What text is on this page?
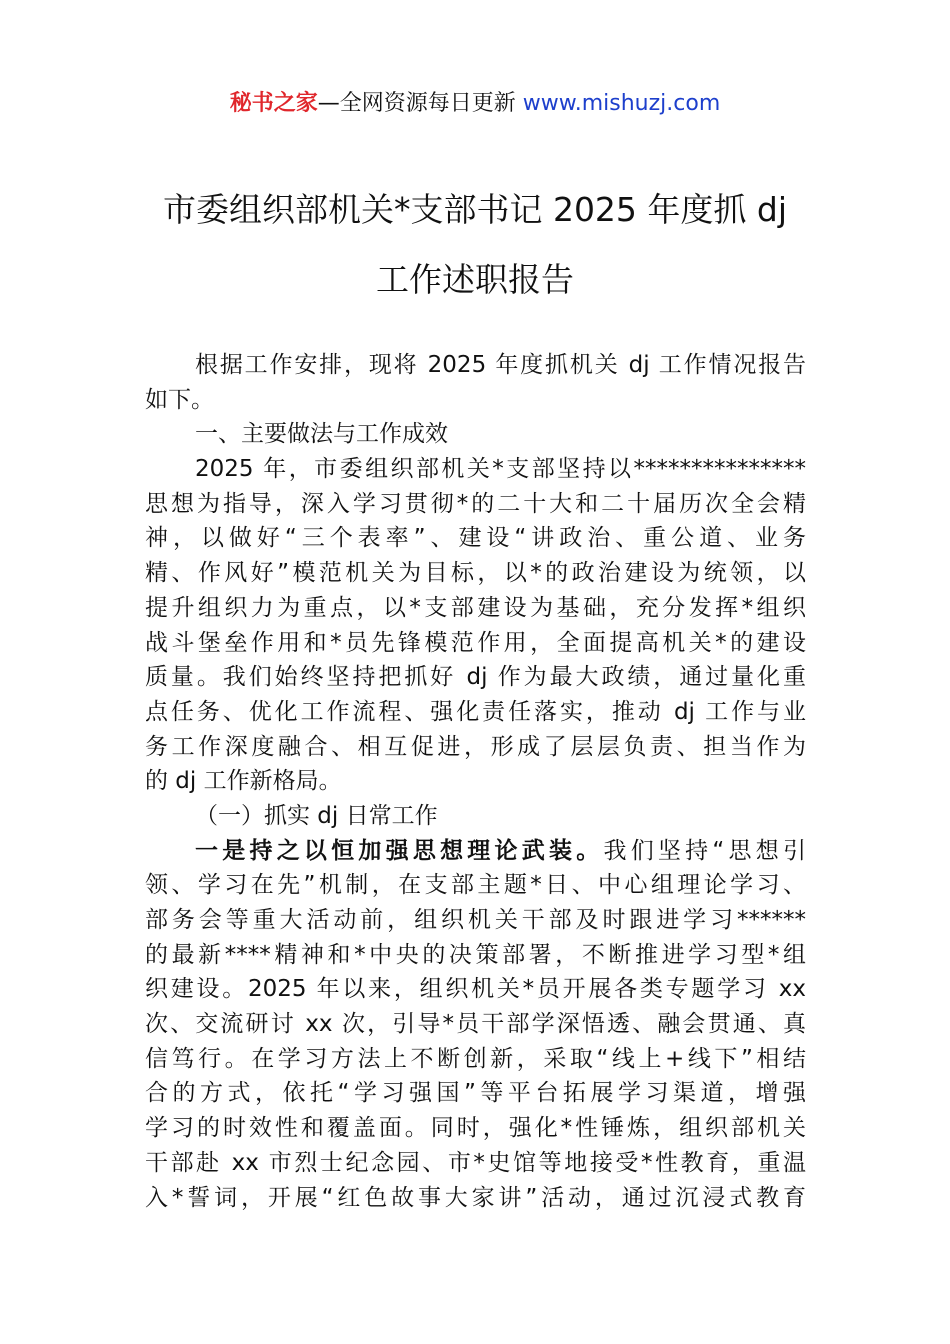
秘书之家—全网资源每日更新 www.mishuzj.com
市委组织部机关*支部书记 2025 年度抓 dj
工作述职报告
根据工作安排，现将 2025 年度抓机关 dj 工作情况报告
如下。
一、主要做法与工作成效
2025 年，市委组织部机关*支部坚持以***************
思想为指导，深入学习贯彻*的二十大和二十届历次全会精
神，以做好“三个表率”、建设“讲政治、重公道、业务
精、作风好”模范机关为目标，以*的政治建设为统领，以
提升组织力为重点，以*支部建设为基础，充分发挥*组织
战斗堡垒作用和*员先锋模范作用，全面提高机关*的建设
质量。我们始终坚持把抓好 dj 作为最大政绩，通过量化重
点任务、优化工作流程、强化责任落实，推动 dj 工作与业
务工作深度融合、相互促进，形成了层层负责、担当作为
的 dj 工作新格局。
（一）抓实 dj 日常工作
一是持之以恒加强思想理论武装。我们坚持“思想引
领、学习在先”机制，在支部主题*日、中心组理论学习、
部务会等重大活动前，组织机关干部及时跟进学习******
的最新****精神和*中央的决策部署，不断推进学习型*组
织建设。2025 年以来，组织机关*员开展各类专题学习 xx
次、交流研讨 xx 次，引导*员干部学深悟透、融会贯通、真
信笃行。在学习方法上不断创新，采取“线上+线下”相结
合的方式，依托“学习强国”等平台拓展学习渠道，增强
学习的时效性和覆盖面。同时，强化*性锤炼，组织部机关
干部赴 xx 市烈士纪念园、市*史馆等地接受*性教育，重温
入*誓词，开展“红色故事大家讲”活动，通过沉浸式教育
